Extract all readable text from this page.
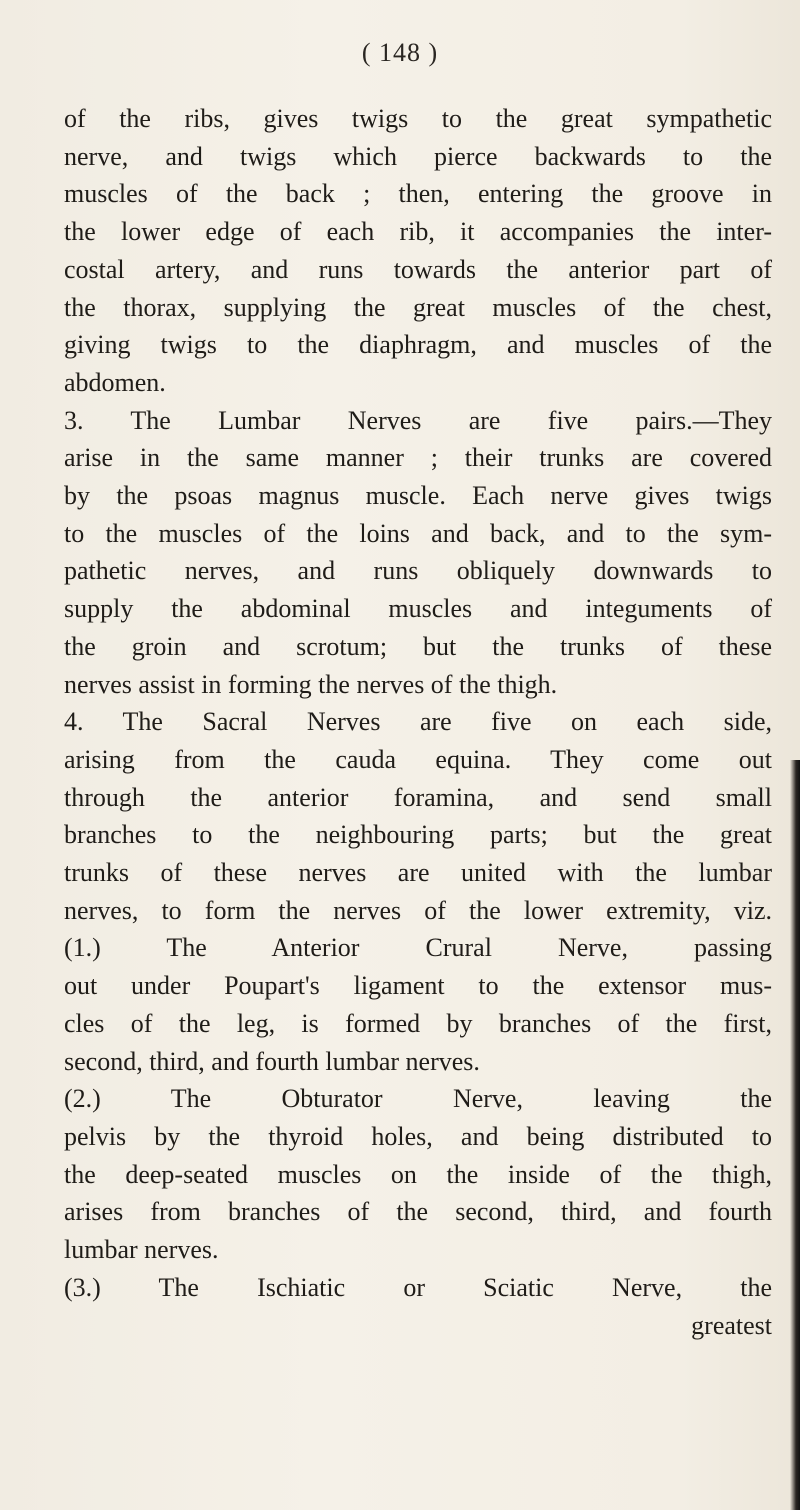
( 148 )
of the ribs, gives twigs to the great sympathetic
nerve, and twigs which pierce backwards to the
muscles of the back ; then, entering the groove in
the lower edge of each rib, it accompanies the inter-
costal artery, and runs towards the anterior part of
the thorax, supplying the great muscles of the chest,
giving twigs to the diaphragm, and muscles of the
abdomen.
3. The Lumbar Nerves are five pairs.—They
arise in the same manner ; their trunks are covered
by the psoas magnus muscle. Each nerve gives twigs
to the muscles of the loins and back, and to the sym-
pathetic nerves, and runs obliquely downwards to
supply the abdominal muscles and integuments of
the groin and scrotum; but the trunks of these
nerves assist in forming the nerves of the thigh.
4. The Sacral Nerves are five on each side,
arising from the cauda equina. They come out
through the anterior foramina, and send small
branches to the neighbouring parts; but the great
trunks of these nerves are united with the lumbar
nerves, to form the nerves of the lower extremity, viz.
(1.) The Anterior Crural Nerve, passing
out under Poupart's ligament to the extensor mus-
cles of the leg, is formed by branches of the first,
second, third, and fourth lumbar nerves.
(2.) The Obturator Nerve, leaving the
pelvis by the thyroid holes, and being distributed to
the deep-seated muscles on the inside of the thigh,
arises from branches of the second, third, and fourth
lumbar nerves.
(3.) The Ischiatic or Sciatic Nerve, the
greatest
